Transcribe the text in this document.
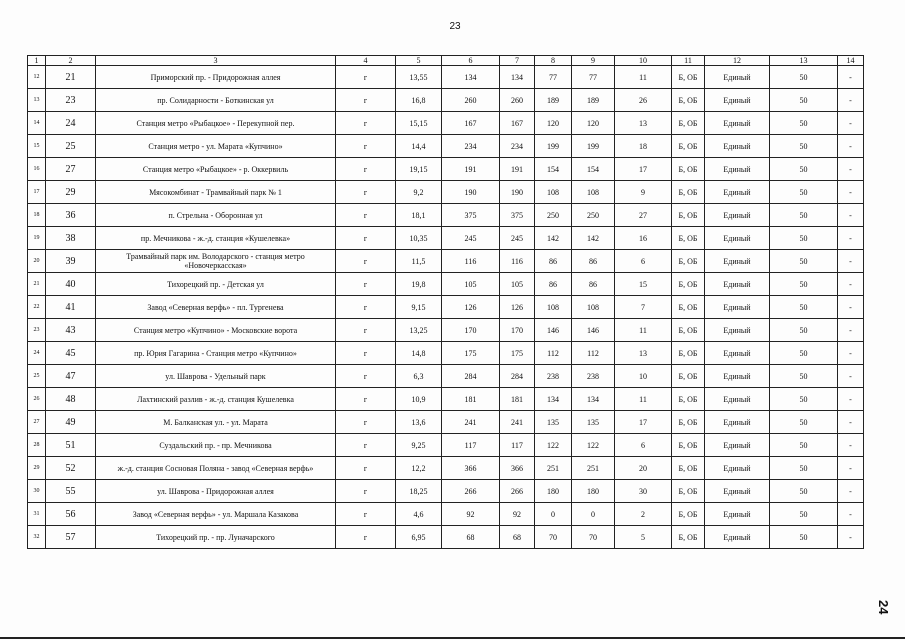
23
1	2	3	4	5	6	7	8	9	10	11	12	13	14
12	21	Приморский пр. - Придорожная аллея	г	13,55	134	134	77	77	11	Б, ОБ	Единый	50	-
13	23	пр. Солидарности - Боткинская ул	г	16,8	260	260	189	189	26	Б, ОБ	Единый	50	-
14	24	Станция метро «Рыбацкое» - Перекупной пер.	г	15,15	167	167	120	120	13	Б, ОБ	Единый	50	-
15	25	Станция метро - ул. Марата «Купчино»	г	14,4	234	234	199	199	18	Б, ОБ	Единый	50	-
16	27	Станция метро «Рыбацкое» - р. Оккервиль	г	19,15	191	191	154	154	17	Б, ОБ	Единый	50	-
17	29	Мясокомбинат - Трамвайный парк № 1	г	9,2	190	190	108	108	9	Б, ОБ	Единый	50	-
18	36	п. Стрельна - Оборонная ул	г	18,1	375	375	250	250	27	Б, ОБ	Единый	50	-
19	38	пр. Мечникова - ж.-д. станция «Кушелевка»	г	10,35	245	245	142	142	16	Б, ОБ	Единый	50	-
20	39	Трамвайный парк им. Володарского - станция метро «Новочеркасская»	г	11,5	116	116	86	86	6	Б, ОБ	Единый	50	-
21	40	Тихорецкий пр. - Детская ул	г	19,8	105	105	86	86	15	Б, ОБ	Единый	50	-
22	41	Завод «Северная верфь» - пл. Тургенева	г	9,15	126	126	108	108	7	Б, ОБ	Единый	50	-
23	43	Станция метро «Купчино» - Московские ворота	г	13,25	170	170	146	146	11	Б, ОБ	Единый	50	-
24	45	пр. Юрия Гагарина - Станция метро «Купчино»	г	14,8	175	175	112	112	13	Б, ОБ	Единый	50	-
25	47	ул. Шаврова - Удельный парк	г	6,3	284	284	238	238	10	Б, ОБ	Единый	50	-
26	48	Лахтинский разлив - ж.-д. станция Кушелевка	г	10,9	181	181	134	134	11	Б, ОБ	Единый	50	-
27	49	М. Балканская ул. - ул. Марата	г	13,6	241	241	135	135	17	Б, ОБ	Единый	50	-
28	51	Суздальский пр. - пр. Мечникова	г	9,25	117	117	122	122	6	Б, ОБ	Единый	50	-
29	52	ж.-д. станция Сосновая Поляна - завод «Северная верфь»	г	12,2	366	366	251	251	20	Б, ОБ	Единый	50	-
30	55	ул. Шаврова - Придорожная аллея	г	18,25	266	266	180	180	30	Б, ОБ	Единый	50	-
31	56	Завод «Северная верфь» - ул. Маршала Казакова	г	4,6	92	92	0	0	2	Б, ОБ	Единый	50	-
32	57	Тихорецкий пр. - пр. Луначарского	г	6,95	68	68	70	70	5	Б, ОБ	Единый	50	-
24
